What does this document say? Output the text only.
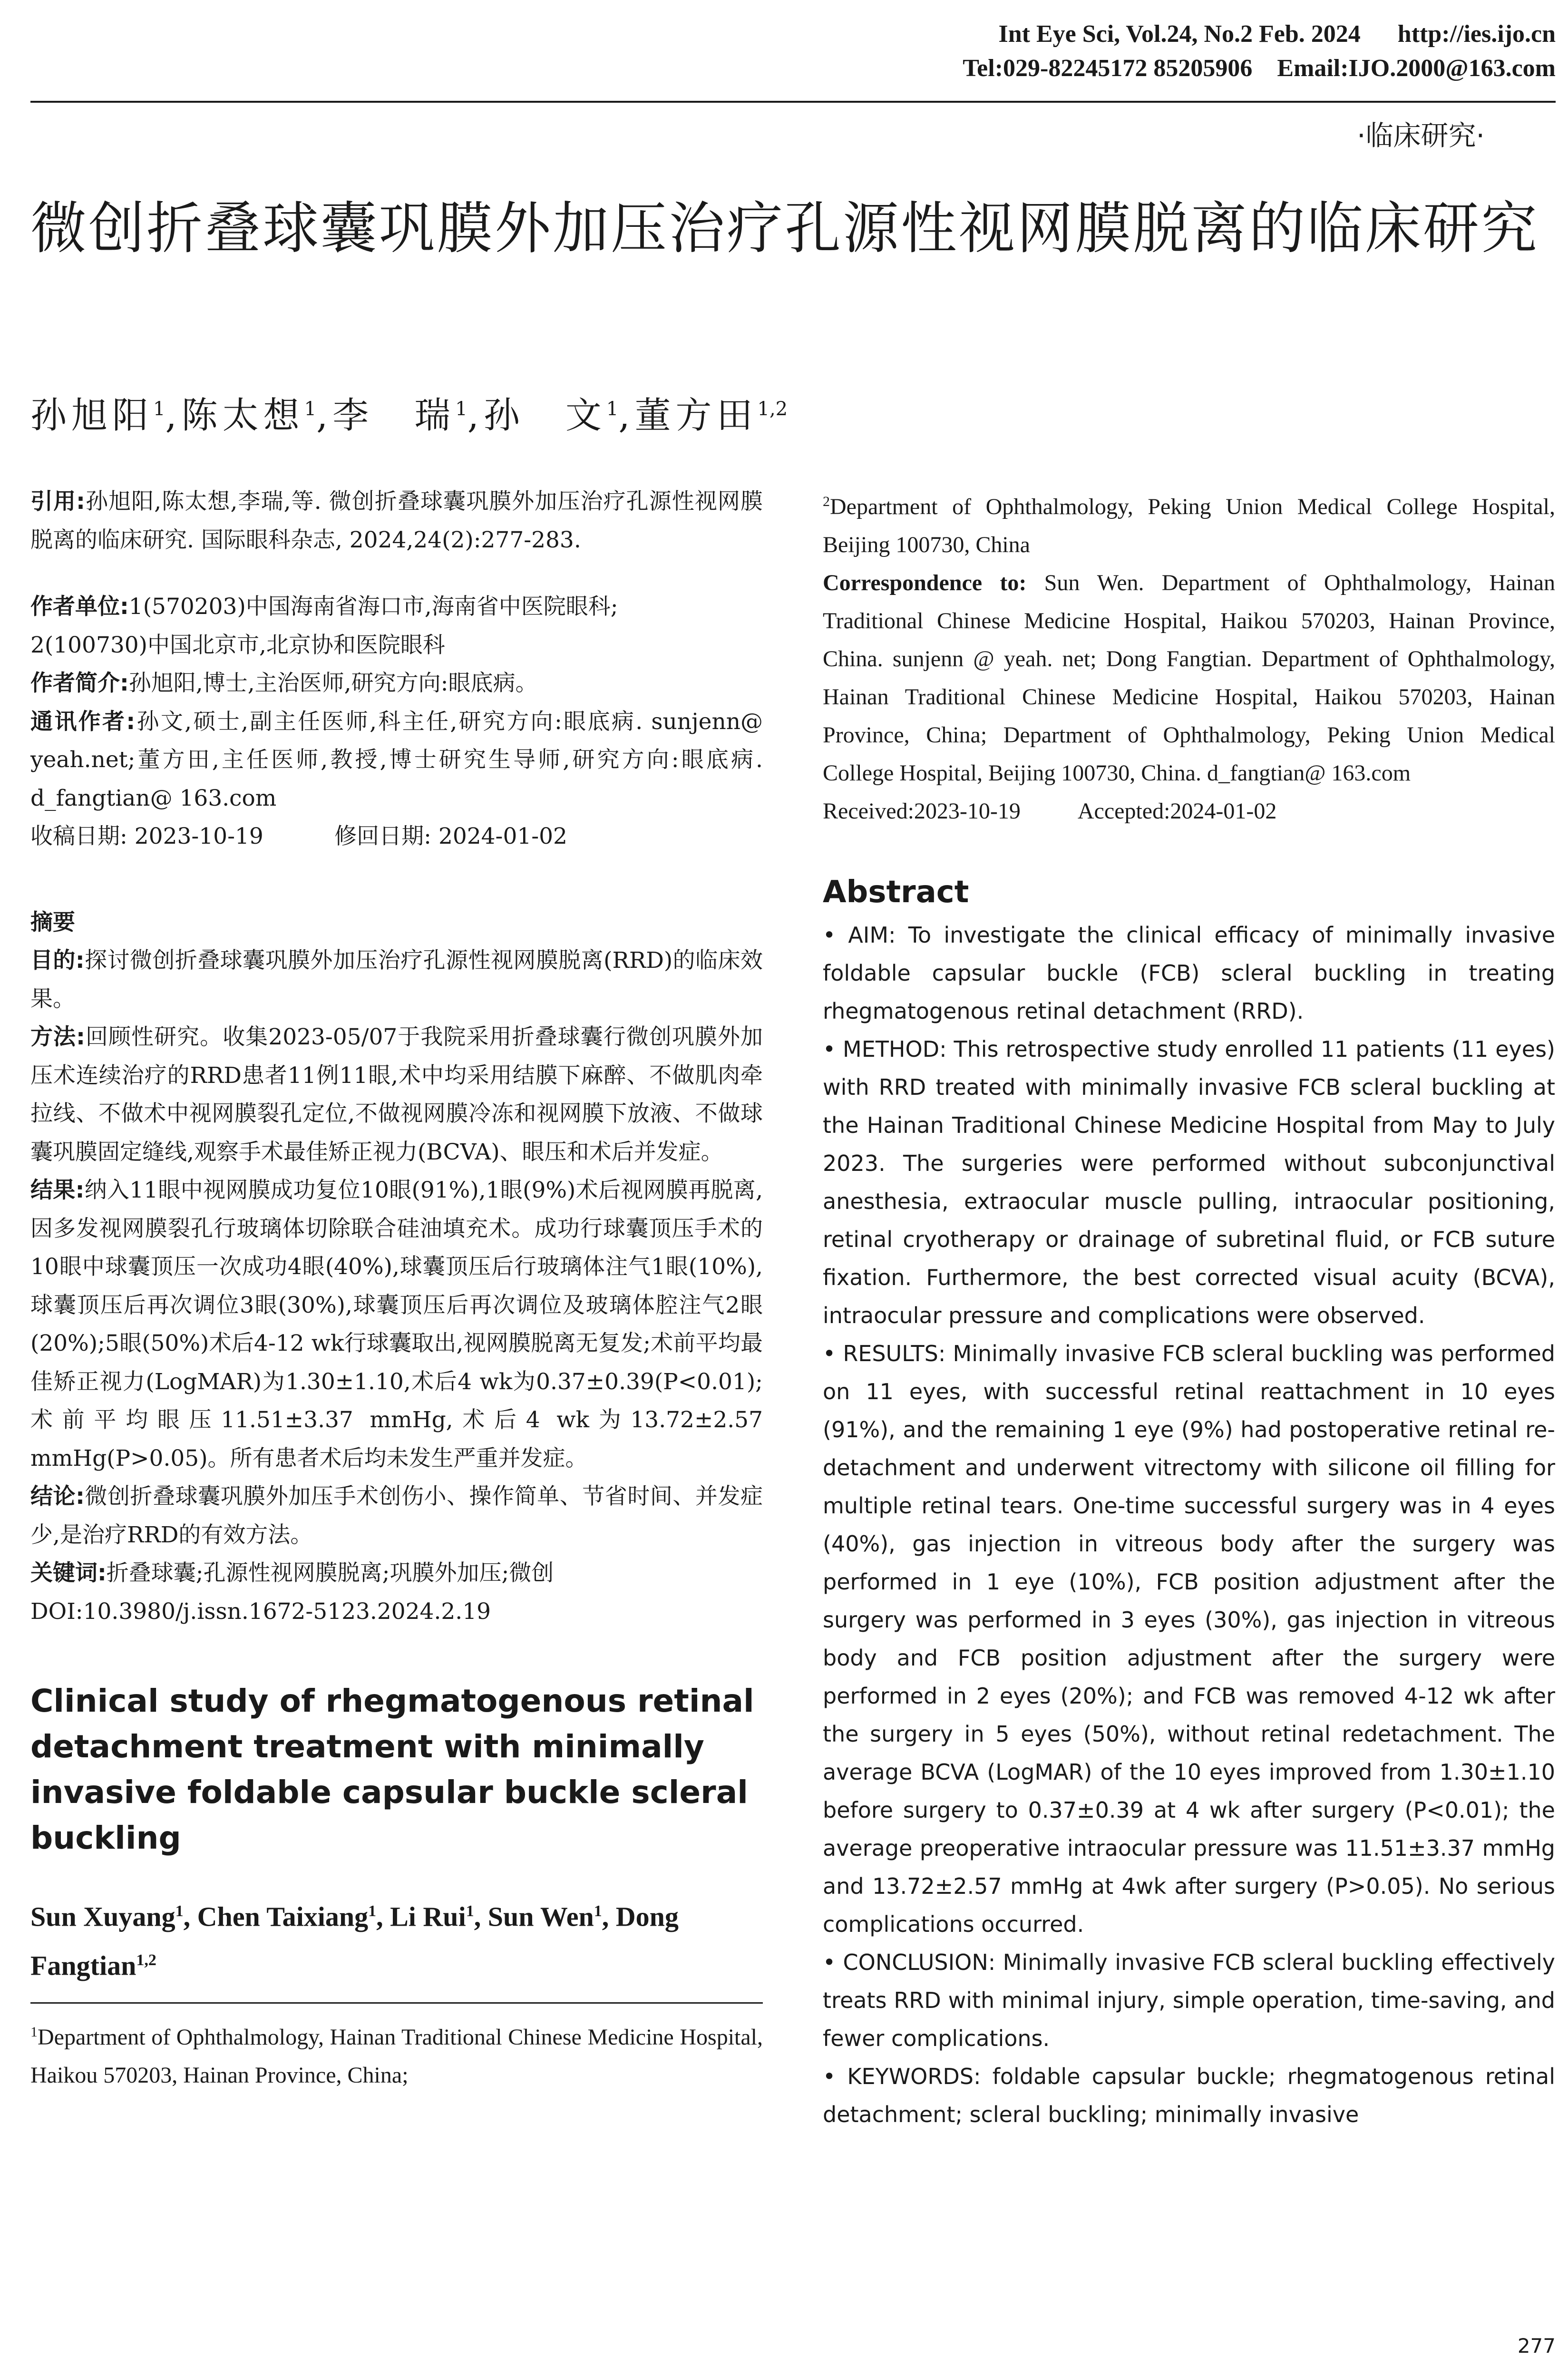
Int Eye Sci, Vol.24, No.2 Feb. 2024 http://ies.ijo.cn
Tel:029-82245172 85205906 Email:IJO.2000@163.com
·临床研究·
微创折叠球囊巩膜外加压治疗孔源性视网膜脱离的临床研究
孙旭阳$^1$,陈太想$^1$,李　瑞$^1$,孙　文$^1$,董方田$^{1,2}$

引用:孙旭阳,陈太想,李瑞,等. 微创折叠球囊巩膜外加压治疗孔源性视网膜脱离的临床研究. 国际眼科杂志, 2024,24(2):277-283.

作者单位:1(570203)中国海南省海口市,海南省中医院眼科;
2(100730)中国北京市,北京协和医院眼科

作者简介:孙旭阳,博士,主治医师,研究方向:眼底病。

通讯作者:孙文,硕士,副主任医师,科主任,研究方向:眼底病. sunjenn@ yeah.net;董方田,主任医师,教授,博士研究生导师,研究方向:眼底病. d_fangtian@ 163.com

收稿日期: 2023-10-19	修回日期: 2024-01-02

摘要

目的:探讨微创折叠球囊巩膜外加压治疗孔源性视网膜脱离(RRD)的临床效果。

方法:回顾性研究。收集2023-05/07于我院采用折叠球囊行微创巩膜外加压术连续治疗的RRD患者11例11眼,术中均采用结膜下麻醉、不做肌肉牵拉线、不做术中视网膜裂孔定位,不做视网膜冷冻和视网膜下放液、不做球囊巩膜固定缝线,观察手术最佳矫正视力(BCVA)、眼压和术后并发症。

结果:纳入11眼中视网膜成功复位10眼(91%),1眼(9%)术后视网膜再脱离,因多发视网膜裂孔行玻璃体切除联合硅油填充术。成功行球囊顶压手术的10眼中球囊顶压一次成功4眼(40%),球囊顶压后行玻璃体注气1眼(10%),球囊顶压后再次调位3眼(30%),球囊顶压后再次调位及玻璃体腔注气2眼(20%);5眼(50%)术后4-12 wk行球囊取出,视网膜脱离无复发;术前平均最佳矫正视力(LogMAR)为1.30±1.10,术后4 wk为0.37±0.39(P<0.01);术前平均眼压11.51±3.37 mmHg,术后4 wk为13.72±2.57 mmHg(P>0.05)。所有患者术后均未发生严重并发症。

结论:微创折叠球囊巩膜外加压手术创伤小、操作简单、节省时间、并发症少,是治疗RRD的有效方法。

关键词:折叠球囊;孔源性视网膜脱离;巩膜外加压;微创

DOI:10.3980/j.issn.1672-5123.2024.2.19

Clinical study of rhegmatogenous retinal detachment treatment with minimally invasive foldable capsular buckle scleral buckling

Sun Xuyang$^1$, Chen Taixiang$^1$, Li Rui$^1$, Sun Wen$^1$, Dong Fangtian$^{1,2}$

$^1$Department of Ophthalmology, Hainan Traditional Chinese Medicine Hospital, Haikou 570203, Hainan Province, China;

$^2$Department of Ophthalmology, Peking Union Medical College Hospital, Beijing 100730, China

Correspondence to: Sun Wen. Department of Ophthalmology, Hainan Traditional Chinese Medicine Hospital, Haikou 570203, Hainan Province, China. sunjenn @ yeah. net; Dong Fangtian. Department of Ophthalmology, Hainan Traditional Chinese Medicine Hospital, Haikou 570203, Hainan Province, China; Department of Ophthalmology, Peking Union Medical College Hospital, Beijing 100730, China. d_fangtian@ 163.com

Received:2023-10-19	Accepted:2024-01-02

Abstract

• AIM: To investigate the clinical efficacy of minimally invasive foldable capsular buckle (FCB) scleral buckling in treating rhegmatogenous retinal detachment (RRD).

• METHOD: This retrospective study enrolled 11 patients (11 eyes) with RRD treated with minimally invasive FCB scleral buckling at the Hainan Traditional Chinese Medicine Hospital from May to July 2023. The surgeries were performed without subconjunctival anesthesia, extraocular muscle pulling, intraocular positioning, retinal cryotherapy or drainage of subretinal fluid, or FCB suture fixation. Furthermore, the best corrected visual acuity (BCVA), intraocular pressure and complications were observed.

• RESULTS: Minimally invasive FCB scleral buckling was performed on 11 eyes, with successful retinal reattachment in 10 eyes (91%), and the remaining 1 eye (9%) had postoperative retinal re-detachment and underwent vitrectomy with silicone oil filling for multiple retinal tears. One-time successful surgery was in 4 eyes (40%), gas injection in vitreous body after the surgery was performed in 1 eye (10%), FCB position adjustment after the surgery was performed in 3 eyes (30%), gas injection in vitreous body and FCB position adjustment after the surgery were performed in 2 eyes (20%); and FCB was removed 4-12 wk after the surgery in 5 eyes (50%), without retinal redetachment. The average BCVA (LogMAR) of the 10 eyes improved from 1.30±1.10 before surgery to 0.37±0.39 at 4 wk after surgery (P<0.01); the average preoperative intraocular pressure was 11.51±3.37 mmHg and 13.72±2.57 mmHg at 4wk after surgery (P>0.05). No serious complications occurred.

• CONCLUSION: Minimally invasive FCB scleral buckling effectively treats RRD with minimal injury, simple operation, time-saving, and fewer complications.

• KEYWORDS: foldable capsular buckle; rhegmatogenous retinal detachment; scleral buckling; minimally invasive

277
